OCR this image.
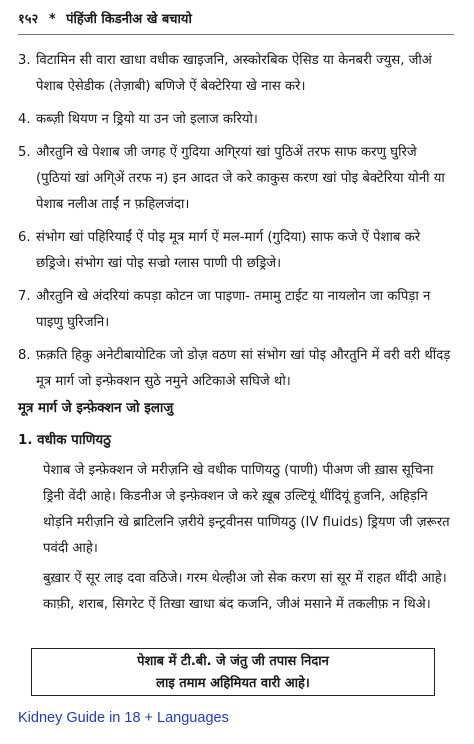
१५२ * पंहिंजी किडनीअ खे बचायो
3. विटामिन सी वारा खाधा वधीक खाइजनि, अस्कोरबिक ऐसिड या केनबरी ज्युस, जीअं पेशाब ऐसेडीक (तेज़ाबी) बणिजे ऐं बेक्टेरिया खे नास करे।
4. कब्ज़ी थियण न ड्रियो या उन जो इलाज करियो।
5. औरतुनि खे पेशाब जी जगह ऐं गुदिया अगि्रयां खां पुठिअें तरफ साफ करणु घुरिजे (पुठियां खां अगि्अें तरफ न) इन आदत जे करे काकुस करण खां पोइ बेक्टेरिया योनी या पेशाब नलीअ ताईं न फ़हिलजंदा।
6. संभोग खां पहिरियाईं ऐं पोइ मूत्र मार्ग ऐं मल-मार्ग (गुदिया) साफ कजे ऐं पेशाब करे छड्रिजे। संभोग खां पोइ सज्रो ग्लास पाणी पी छड्रिजे।
7. औरतुनि खे अंदरियां कपड़ा कोटन जा पाइणा- तमामु टाईट या नायलोन जा कपिड़ा न पाइणु घुरिजनि।
8. फ़क़ति हिकु अनेटीबायोटिक जो डोज़ वठण सां संभोग खां पोइ औरतुनि में वरी वरी थींदड़ मूत्र मार्ग जो इन्फ़ेक्शन सुठे नमुने अटिकाअे सघिजे थो।
मूत्र मार्ग जे इन्फ़ेक्शन जो इलाजु
1. वधीक पाणियठु

पेशाब जे इन्फ़ेक्शन जे मरीज़नि खे वधीक पाणियठु (पाणी) पीअण जी ख़ास सूचिना ड्रिनी वेंदी आहे। किडनीअ जे इन्फ़ेक्शन जे करे ख़ूब उल्टियूं थींदियूं हुजनि, अहिड़नि थोड़नि मरीज़नि खे ब्राटिलनि ज़रीये इन्ट्रवीनस पाणियठु (IV fluids) ड्रियण जी ज़रूरत पवंदी आहे।

बुख़ार ऐं सूर लाइ दवा वठिजे। गरम थेल्हीअ जो सेक करण सां सूर में राहत थींदी आहे। काफ़ी, शराब, सिगरेट ऐं तिखा खाधा बंद कजनि, जीअं मसाने में तकलीफ़ न थिअे।

पेशाब में टी.बी. जे जंतु जी तपास निदान
लाइ तमाम अहिमियत वारी आहे।
Kidney Guide in 18 + Languages
